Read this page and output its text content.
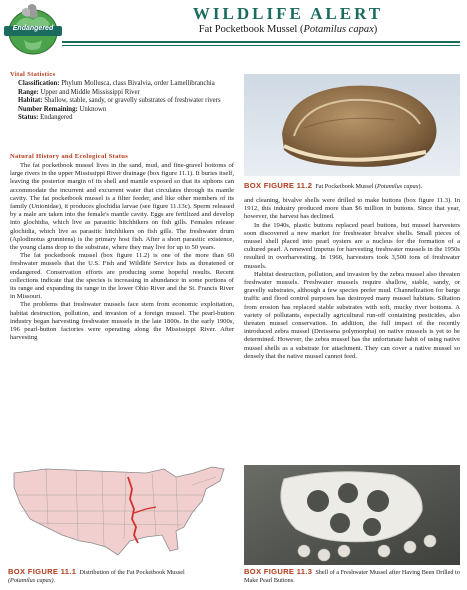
Endangered
WILDLIFE ALERT
Fat Pocketbook Mussel (Potamilus capax)
Vital Statistics
Classification: Phylum Mollusca, class Bivalvia, order Lamellibranchia
Range: Upper and Middle Mississippi River
Habitat: Shallow, stable, sandy, or gravelly substrates of freshwater rivers
Number Remaining: Unknown
Status: Endangered
Natural History and Ecological Status

The fat pocketbook mussel lives in the sand, mud, and fine-gravel bottoms of large rivers in the upper Mississippi River drainage (box figure 11.1). It buries itself, leaving the posterior margin of its shell and mantle exposed so that its siphons can accommodate the incurrent and excurrent water that circulates through its mantle cavity. The fat pocketbook mussel is a filter feeder, and like other members of its family (Unionidae), it produces glochidia larvae (see figure 11.13c). Sperm released by a male are taken into the female's mantle cavity. Eggs are fertilized and develop into glochidia, which live as parasitic hitchhikers on fish gills. Females release glochidia, which live as parasitic hitchhikers on fish gills. The freshwater drum (Aplodinotus grunniens) is the primary host fish. After a short parasitic existence, the young clams drop to the substrate, where they may live for up to 50 years.

The fat pocketbook mussel (box figure 11.2) is one of the more than 60 freshwater mussels that the U.S. Fish and Wildlife Service lists as threatened or endangered. Conservation efforts are producing some hopeful results. Recent collections indicate that the species is increasing in abundance in some portions of its range and expanding its range in the lower Ohio River and the St. Francis River in Missouri.

The problems that freshwater mussels face stem from economic exploitation, habitat destruction, pollution, and invasion of a foreign mussel. The pearl-button industry began harvesting freshwater mussels in the late 1800s. In the early 1900s, 196 pearl-button factories were operating along the Mississippi River. After harvesting

BOX FIGURE 11.2 Fat Pocketbook Mussel (Potamilus capax).

and cleaning, bivalve shells were drilled to make buttons (box figure 11.3). In 1912, this industry produced more than $6 million in buttons. Since that year, however, the harvest has declined.

In the 1940s, plastic buttons replaced pearl buttons, but mussel harvesters soon discovered a new market for freshwater bivalve shells. Small pieces of mussel shell placed into pearl oysters are a nucleus for the formation of a cultured pearl. A renewed impetus for harvesting freshwater mussels in the 1950s resulted in overharvesting. In 1966, harvesters took 3,500 tons of freshwater mussels.

Habitat destruction, pollution, and invasion by the zebra mussel also threaten freshwater mussels. Freshwater mussels require shallow, stable, sandy, or gravelly substrates, although a few species prefer mud. Channelization for barge traffic and flood control purposes has destroyed many mussel habitats. Siltation from erosion has replaced stable substrates with soft, mucky river bottoms. A variety of pollutants, especially agricultural run-off containing pesticides, also threaten mussel conservation. In addition, the full impact of the recently introduced zebra mussel (Dreissena polymorpha) on native mussels is yet to be determined. However, the zebra mussel has the unfortunate habit of using native mussel shells as a substrate for attachment. They can cover a native mussel so densely that the native mussel cannot feed.

BOX FIGURE 11.1 Distribution of the Fat Pocketbook Mussel
(Potamilus capax).
BOX FIGURE 11.3 Shell of a Freshwater Mussel after Having Been Drilled to Make Pearl Buttons.
